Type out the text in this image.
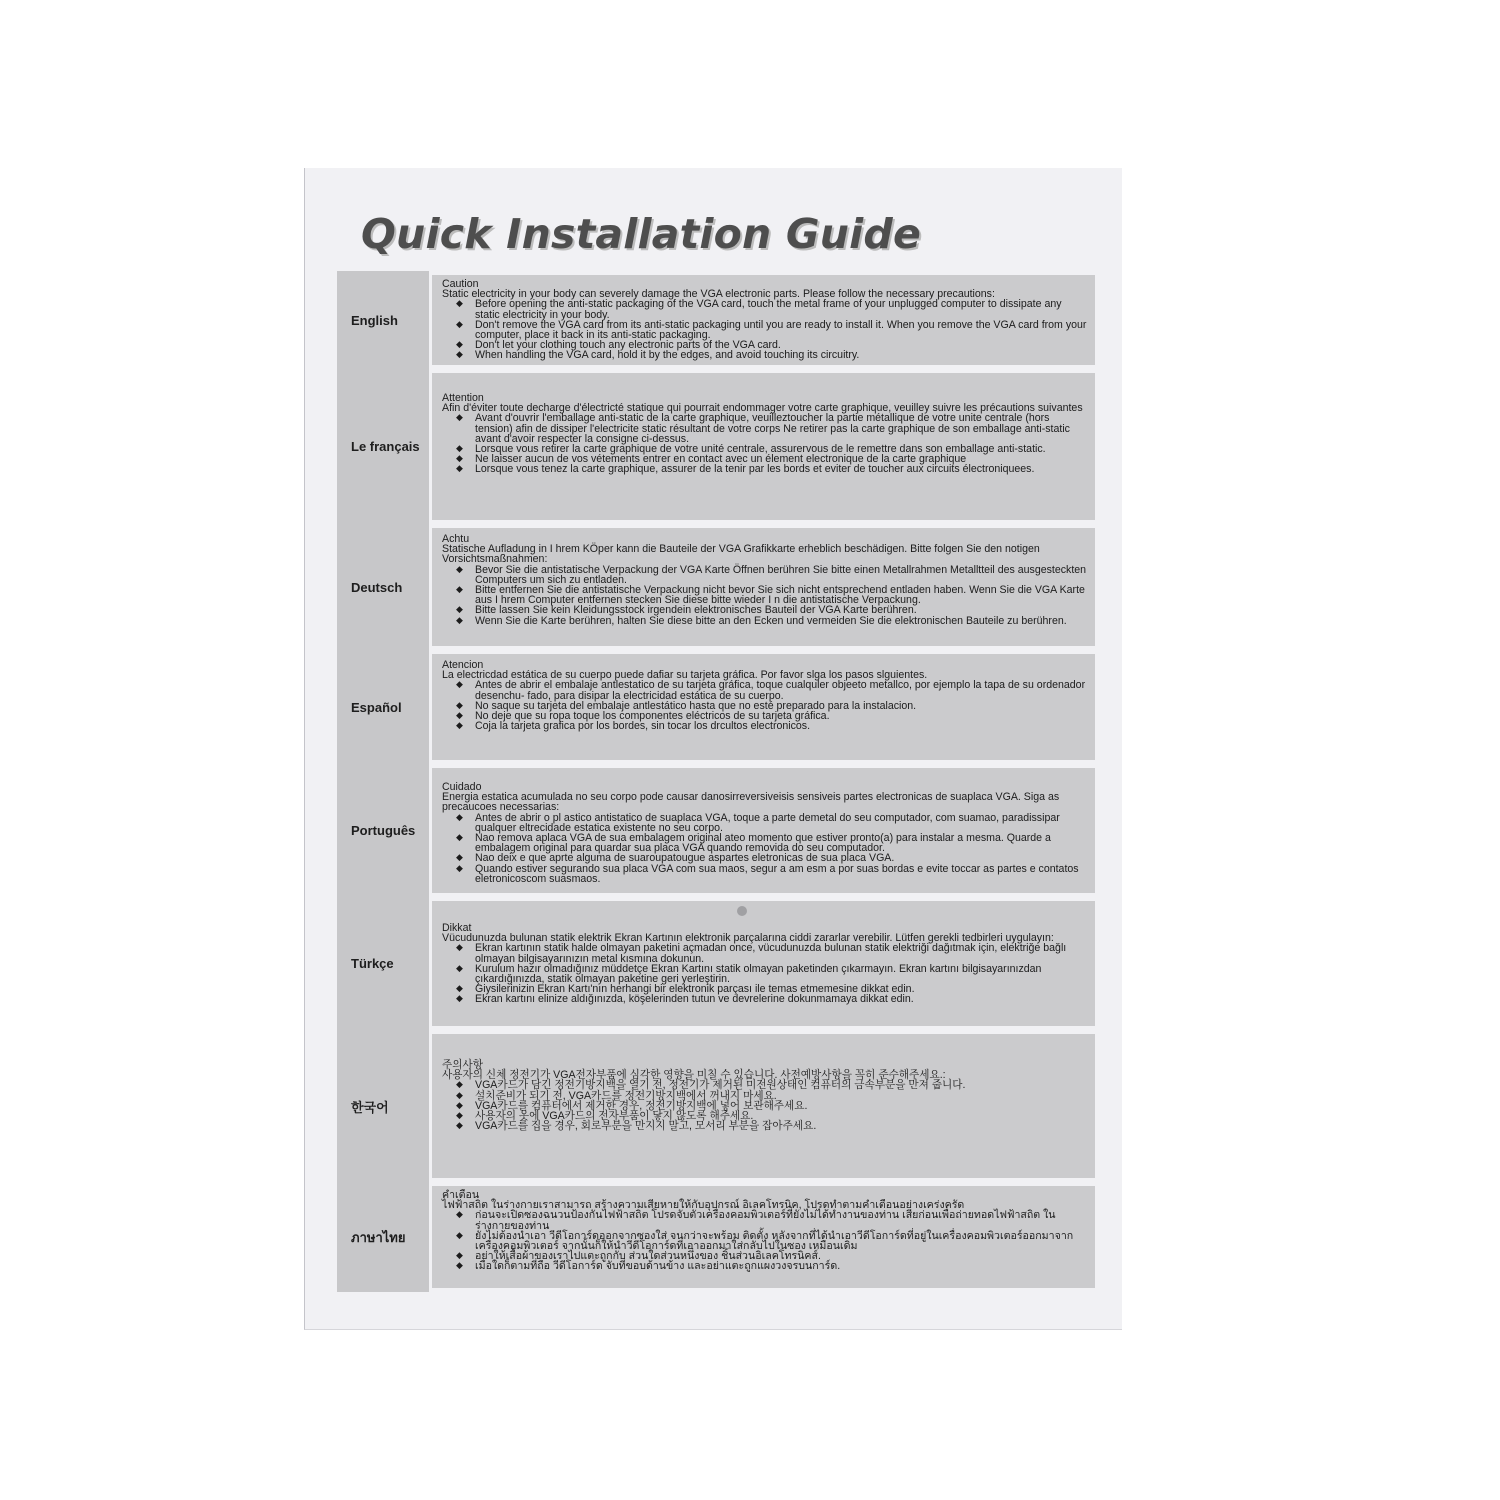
Quick Installation Guide
English
Caution
Static electricity in your body can severely damage the VGA electronic parts. Please follow the necessary precautions:
◆ Before opening the anti-static packaging of the VGA card, touch the metal frame of your unplugged computer to dissipate any static electricity in your body.
◆ Don't remove the VGA card from its anti-static packaging until you are ready to install it. When you remove the VGA card from your computer, place it back in its anti-static packaging.
◆ Don't let your clothing touch any electronic parts of the VGA card.
◆ When handling the VGA card, hold it by the edges, and avoid touching its circuitry.
Le français
Attention
Afin d'éviter toute decharge d'électricté statique qui pourrait endommager votre carte graphique, veuilley suivre les précautions suivantes
◆ Avant d'ouvrir l'emballage anti-static de la carte graphique, veuilleztoucher la partie métallique de votre unite centrale (hors tension) afin de dissiper l'electricite static résultant de votre corps Ne retirer pas la carte graphique de son emballage anti-static avant d'avoir respecter la consigne ci-dessus.
◆ Lorsque vous retirer la carte graphique de votre unité centrale, assurervous de le remettre dans son emballage anti-static.
◆ Ne laisser aucun de vos vétements entrer en contact avec un élement electronique de la carte graphique
◆ Lorsque vous tenez la carte graphique, assurer de la tenir par les bords et eviter de toucher aux circuits électroniquees.
Deutsch
Achtu
Statische Aufladung in I hrem KÖper kann die Bauteile der VGA Grafikkarte erheblich beschädigen. Bitte folgen Sie den notigen Vorsichtsmaßnahmen:
◆ Bevor Sie die antistatische Verpackung der VGA Karte Öffnen berühren Sie bitte einen Metallrahmen Metalltteil des ausgesteckten Computers um sich zu entladen.
◆ Bitte entfernen Sie die antistatische Verpackung nicht bevor Sie sich nicht entsprechend entladen haben. Wenn Sie die VGA Karte aus I hrem Computer entfernen stecken Sie diese bitte wieder I n die antistatische Verpackung.
◆ Bitte lassen Sie kein Kleidungsstock irgendein elektronisches Bauteil der VGA Karte berühren.
◆ Wenn Sie die Karte berühren, halten Sie diese bitte an den Ecken und vermeiden Sie die elektronischen Bauteile zu berühren.
Español
Atencion
La electricdad estática de su cuerpo puede dafiar su tarjeta gráfica. Por favor slga los pasos slguientes.
◆ Antes de abrir el embalaje antlestatico de su tarjeta gráfica, toque cualquler objeeto metallco, por ejemplo la tapa de su ordenador desenchu- fado, para disipar la electricidad estática de su cuerpo.
◆ No saque su tarjeta del embalaje antlestático hasta que no esté preparado para la instalacion.
◆ No deje que su ropa toque los componentes eléctricos de su tarjeta gráfica.
◆ Coja la tarjeta grafica por los bordes, sin tocar los drcultos electronicos.
Português
Cuidado
Energia estatica acumulada no seu corpo pode causar danosirreversiveisis sensiveis partes electronicas de suaplaca VGA. Siga as precaucoes necessarias:
◆ Antes de abrir o pl astico antistatico de suaplaca VGA, toque a parte demetal do seu computador, com suamao, paradissipar qualquer eltrecidade estatica existente no seu corpo.
◆ Nao remova aplaca VGA de sua embalagem original ateo momento que estiver pronto(a) para instalar a mesma. Quarde a embalagem original para quardar sua placa VGA quando removida do seu computador.
◆ Nao deix e que aprte alguma de suaroupatougue aspartes eletronicas de sua placa VGA.
◆ Quando estiver segurando sua placa VGA com sua maos, segur a am esm a por suas bordas e evite toccar as partes e contatos eletronicoscom suasmaos.
Türkçe
Dikkat
Vücudunuzda bulunan statik elektrik Ekran Kartının elektronik parçalarına ciddi zararlar verebilir. Lütfen gerekli tedbirleri uygulayın:
◆ Ekran kartının statik halde olmayan paketini açmadan once, vücudunuzda bulunan statik elektriği dağıtmak için, elektriğe bağlı olmayan bilgisayarınızın metal kısmına dokunun.
◆ Kurulum hazır olmadığınız müddetçe Ekran Kartını statik olmayan paketinden çıkarmayın. Ekran kartını bilgisayarınızdan çıkardığınızda, statik olmayan paketine geri yerleştirin.
◆ Giysilerinizin Ekran Kartı'nın herhangi bir elektronik parçası ile temas etmemesine dikkat edin.
◆ Ekran kartını elinize aldığınızda, köşelerinden tutun ve devrelerine dokunmamaya dikkat edin.
한국어
주의사항
사용자의 신체 정전기가 VGA전자부품에 심각한 영향을 미칠 수 있습니다. 사전예방사항을 꼭히 준수해주세요.:
◆ VGA카드가 담긴 정전기방지백을 열기 전, 정전기가 제거된 미전원상태인 컴퓨터의 금속부분을 만져 줍니다.
◆ 설치준비가 되기 전, VGA카드를 정전기방지백에서 꺼내지 마세요.
◆ VGA카드를 컴퓨터에서 제거한 경우, 정전기방지백에 넣어 보관해주세요.
◆ 사용자의 옷에 VGA카드의 전자부품이 닿지 않도록 해주세요.
◆ VGA카드를 집을 경우, 회로부분을 만지지 말고, 모서리 부분을 잡아주세요.
ภาษาไทย
คำเตือน
ไฟฟ้าสถิต ในร่างกายเราสามารถ สร้างความเสียหายให้กับอุปกรณ์ อิเลคโทรนิค, โปรดทำตามคำเตือนอย่างเคร่งครัด
◆ ก่อนจะเปิดซองฉนวนป้องกันไฟฟ้าสถิต โปรดจับตัวเครื่องคอมพิวเตอร์ที่ยังไม่ได้ทำงานของท่าน เสียก่อนเพื่อถ่ายทอดไฟฟ้าสถิต ในร่างกายของท่าน
◆ ยังไม่ต้องนำเอา วีดีโอการ์ดออกจากซองใส่ จนกว่าจะพร้อม ติดตั้ง หลังจากที่ได้นำเอาวีดีโอการ์ดที่อยู่ในเครื่องคอมพิวเตอร์ออกมาจากเครื่องคอมพิวเตอร์ จากนั้นก็ให้นำวีดีโอการ์ดที่เอาออกมาใส่กลับไปในซอง เหมือนเดิม
◆ อย่าให้เสื้อผ้าของเราไปแตะถูกกับ ส่วนใดส่วนหนึ่งของ ชิ้นส่วนอิเลคโทรนิคส์.
◆ เมื่อใดก็ตามที่ถือ วีดีโอการ์ด จับที่ขอบด้านข้าง และอย่าแตะถูกแผงวงจรบนการ์ด.
